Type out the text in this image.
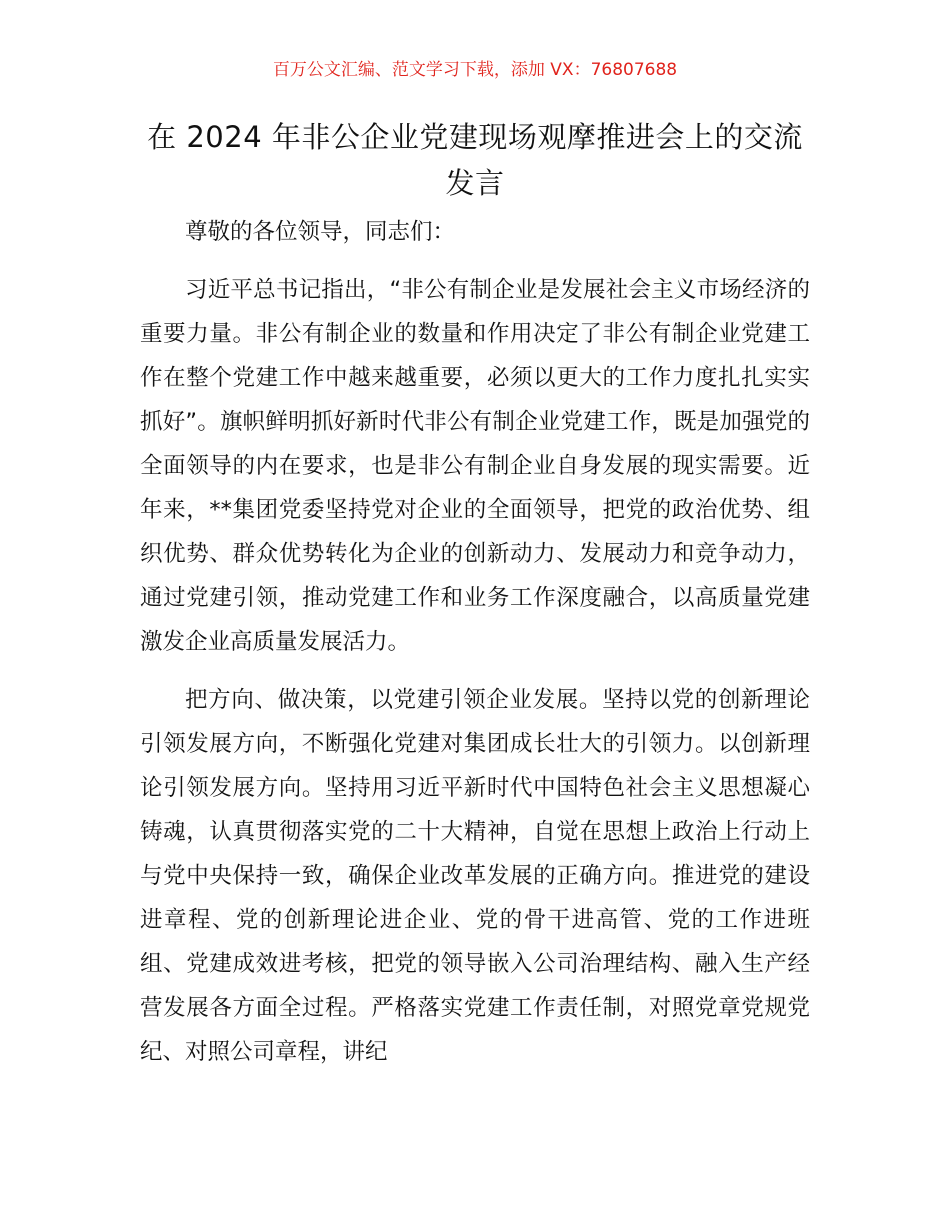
百万公文汇编、范文学习下载，添加 VX：76807688
在 2024 年非公企业党建现场观摩推进会上的交流发言

尊敬的各位领导，同志们：

习近平总书记指出，“非公有制企业是发展社会主义市场经济的重要力量。非公有制企业的数量和作用决定了非公有制企业党建工作在整个党建工作中越来越重要，必须以更大的工作力度扎扎实实抓好”。旗帜鲜明抓好新时代非公有制企业党建工作，既是加强党的全面领导的内在要求，也是非公有制企业自身发展的现实需要。近年来，**集团党委坚持党对企业的全面领导，把党的政治优势、组织优势、群众优势转化为企业的创新动力、发展动力和竞争动力，通过党建引领，推动党建工作和业务工作深度融合，以高质量党建激发企业高质量发展活力。

把方向、做决策，以党建引领企业发展。坚持以党的创新理论引领发展方向，不断强化党建对集团成长壮大的引领力。以创新理论引领发展方向。坚持用习近平新时代中国特色社会主义思想凝心铸魂，认真贯彻落实党的二十大精神，自觉在思想上政治上行动上与党中央保持一致，确保企业改革发展的正确方向。推进党的建设进章程、党的创新理论进企业、党的骨干进高管、党的工作进班组、党建成效进考核，把党的领导嵌入公司治理结构、融入生产经营发展各方面全过程。严格落实党建工作责任制，对照党章党规党纪、对照公司章程，讲纪
